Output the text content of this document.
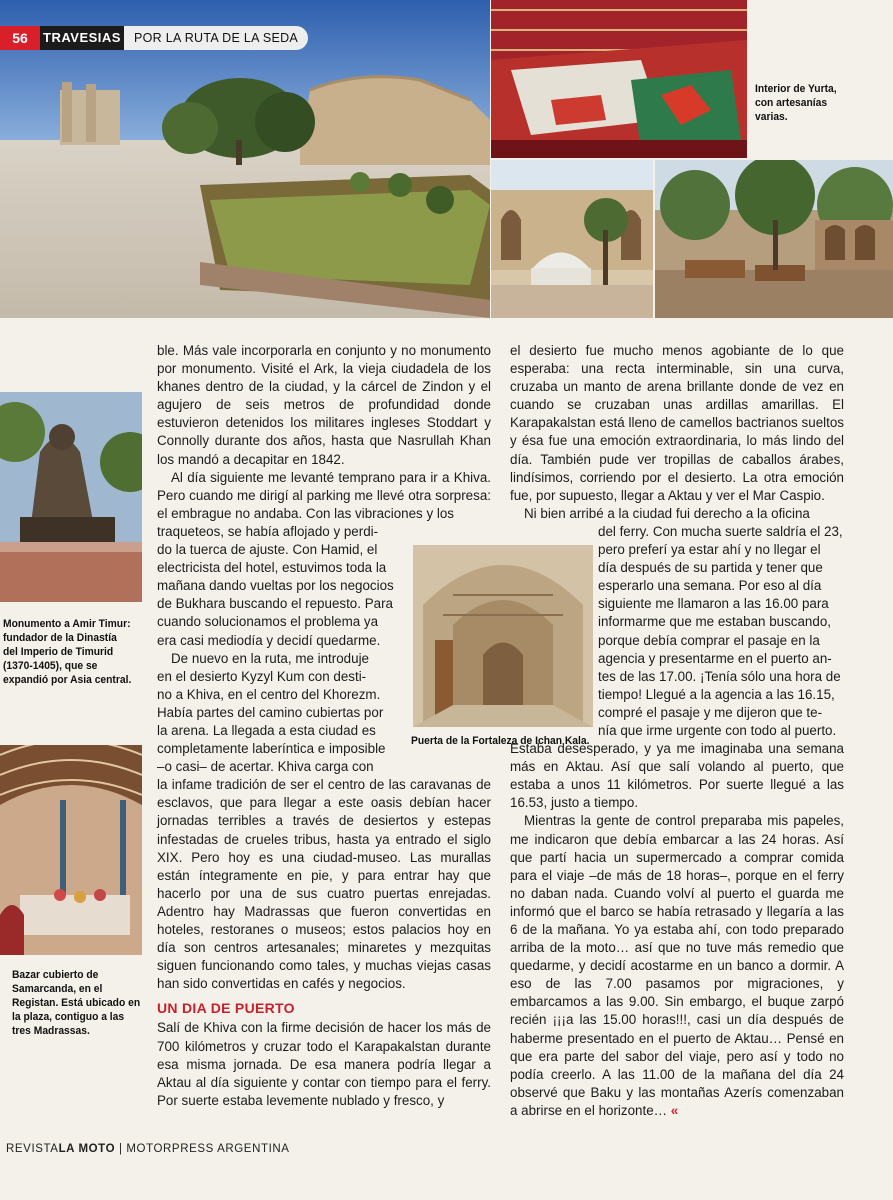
56	TRAVESIAS	POR LA RUTA DE LA SEDA
Interior de Yurta,
con artesanías
varias.
Monumento a Amir Timur:
fundador de la Dinastía
del Imperio de Timurid
(1370-1405), que se
expandió por Asia central.
Bazar cubierto de
Samarcanda, en el
Registan. Está ubicado en
la plaza, contiguo a las
tres Madrassas.
Puerta de la Fortaleza de Ichan Kala.

ble. Más vale incorporarla en conjunto y no monumento por monumento. Visité el Ark, la vieja ciudadela de los khanes dentro de la ciudad, y la cárcel de Zindon y el agujero de seis metros de profundidad donde estuvieron detenidos los militares ingleses Stoddart y Connolly durante dos años, hasta que Nasrullah Khan los mandó a decapitar en 1842.

Al día siguiente me levanté temprano para ir a Khiva. Pero cuando me dirigí al parking me llevé otra sorpresa: el embrague no andaba. Con las vibraciones y los

traqueteos, se había aflojado y perdi-
do la tuerca de ajuste. Con Hamid, el
electricista del hotel, estuvimos toda la
mañana dando vueltas por los negocios
de Bukhara buscando el repuesto. Para
cuando solucionamos el problema ya
era casi mediodía y decidí quedarme.
De nuevo en la ruta, me introduje
en el desierto Kyzyl Kum con desti-
no a Khiva, en el centro del Khorezm.
Había partes del camino cubiertas por
la arena. La llegada a esta ciudad es
completamente laberíntica e imposible
–o casi– de acertar. Khiva carga con

la infame tradición de ser el centro de las caravanas de esclavos, que para llegar a este oasis debían hacer jornadas terribles a través de desiertos y estepas infestadas de crueles tribus, hasta ya entrado el siglo XIX. Pero hoy es una ciudad-museo. Las murallas están íntegramente en pie, y para entrar hay que hacerlo por una de sus cuatro puertas enrejadas. Adentro hay Madrassas que fueron convertidas en hoteles, restoranes o museos; estos palacios hoy en día son centros artesanales; minaretes y mezquitas siguen funcionando como tales, y muchas viejas casas han sido convertidas en cafés y negocios.

UN DIA DE PUERTO

Salí de Khiva con la firme decisión de hacer los más de 700 kilómetros y cruzar todo el Karapakalstan durante esa misma jornada. De esa manera podría llegar a Aktau al día siguiente y contar con tiempo para el ferry. Por suerte estaba levemente nublado y fresco, y

el desierto fue mucho menos agobiante de lo que esperaba: una recta interminable, sin una curva, cruzaba un manto de arena brillante donde de vez en cuando se cruzaban unas ardillas amarillas. El Karapakalstan está lleno de camellos bactrianos sueltos y ésa fue una emoción extraordinaria, lo más lindo del día. También pude ver tropillas de caballos árabes, lindísimos, corriendo por el desierto. La otra emoción fue, por supuesto, llegar a Aktau y ver el Mar Caspio.

Ni bien arribé a la ciudad fui derecho a la oficina

del ferry. Con mucha suerte saldría el 23,
pero preferí ya estar ahí y no llegar el
día después de su partida y tener que
esperarlo una semana. Por eso al día
siguiente me llamaron a las 16.00 para
informarme que me estaban buscando,
porque debía comprar el pasaje en la
agencia y presentarme en el puerto an-
tes de las 17.00. ¡Tenía sólo una hora de
tiempo! Llegué a la agencia a las 16.15,
compré el pasaje y me dijeron que te-
nía que irme urgente con todo al puerto.

Estaba desesperado, y ya me imaginaba una semana más en Aktau. Así que salí volando al puerto, que estaba a unos 11 kilómetros. Por suerte llegué a las 16.53, justo a tiempo.

Mientras la gente de control preparaba mis papeles, me indicaron que debía embarcar a las 24 horas. Así que partí hacia un supermercado a comprar comida para el viaje –de más de 18 horas–, porque en el ferry no daban nada. Cuando volví al puerto el guarda me informó que el barco se había retrasado y llegaría a las 6 de la mañana. Yo ya estaba ahí, con todo preparado arriba de la moto… así que no tuve más remedio que quedarme, y decidí acostarme en un banco a dormir. A eso de las 7.00 pasamos por migraciones, y embarcamos a las 9.00. Sin embargo, el buque zarpó recién ¡¡¡a las 15.00 horas!!!, casi un día después de haberme presentado en el puerto de Aktau… Pensé en que era parte del sabor del viaje, pero así y todo no podía creerlo. A las 11.00 de la mañana del día 24 observé que Baku y las montañas Azerís comenzaban a abrirse en el horizonte… «

REVISTALA MOTO | MOTORPRESS ARGENTINA
